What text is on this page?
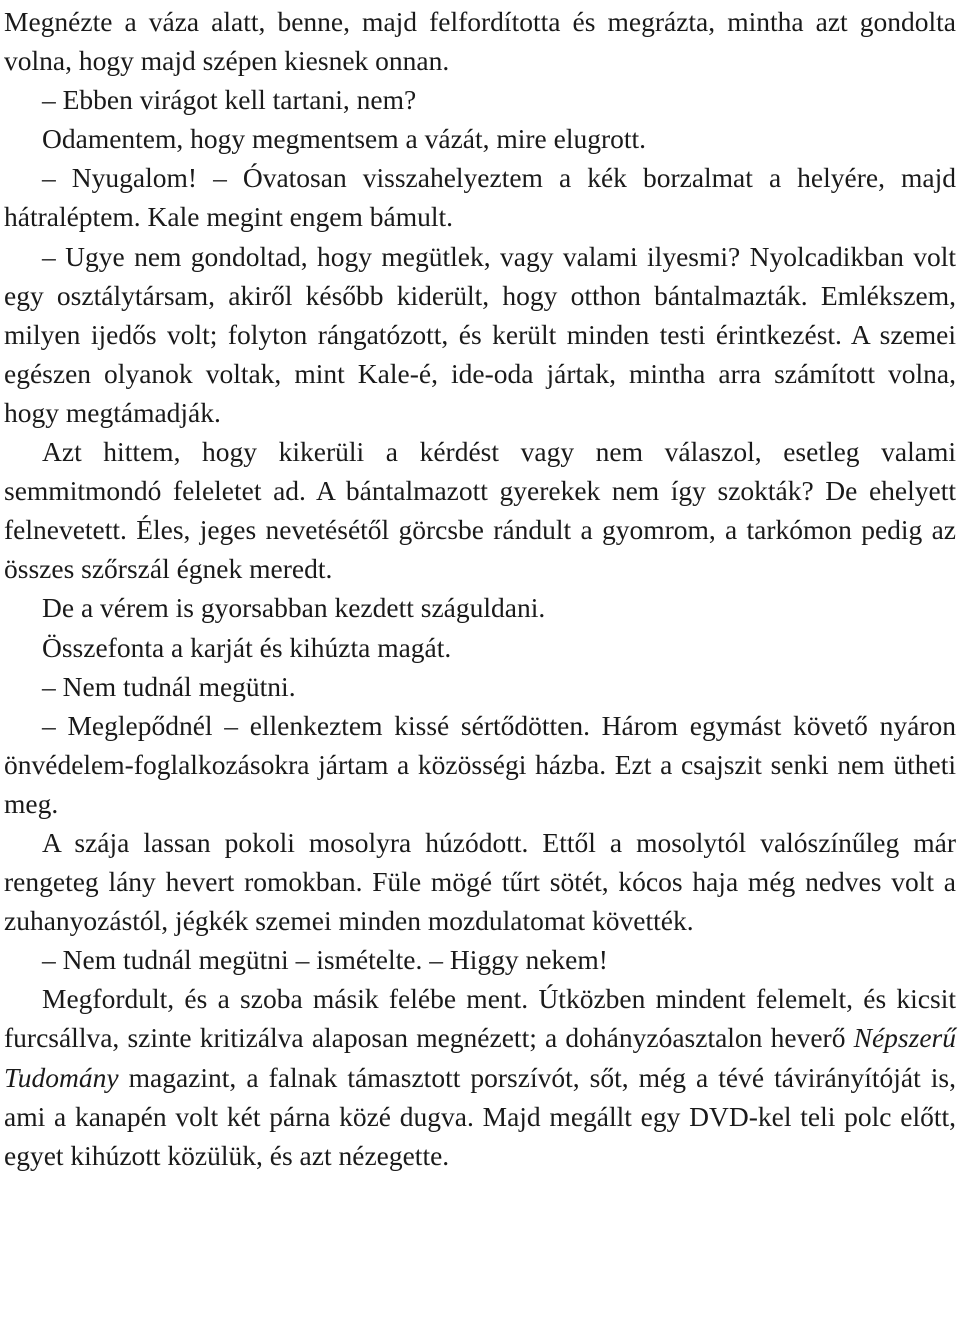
Megnézte a váza alatt, benne, majd felfordította és megrázta, mintha azt gondolta volna, hogy majd szépen kiesnek onnan.

– Ebben virágot kell tartani, nem?

Odamentem, hogy megmentsem a vázát, mire elugrott.

– Nyugalom! – Óvatosan visszahelyeztem a kék borzalmat a helyére, majd hátraléptem. Kale megint engem bámult.

– Ugye nem gondoltad, hogy megütlek, vagy valami ilyesmi? Nyolcadikban volt egy osztálytársam, akiről később kiderült, hogy otthon bántalmazták. Emlékszem, milyen ijedős volt; folyton rángatózott, és került minden testi érintkezést. A szemei egészen olyanok voltak, mint Kale-é, ide-oda jártak, mintha arra számított volna, hogy megtámadják.

Azt hittem, hogy kikerüli a kérdést vagy nem válaszol, esetleg valami semmitmondó feleletet ad. A bántalmazott gyerekek nem így szokták? De ehelyett felnevetett. Éles, jeges nevetésétől görcsbe rándult a gyomrom, a tarkómon pedig az összes szőrszál égnek meredt.

De a vérem is gyorsabban kezdett száguldani.

Összefonta a karját és kihúzta magát.

– Nem tudnál megütni.

– Meglepődnél – ellenkeztem kissé sértődötten. Három egymást követő nyáron önvédelem-foglalkozásokra jártam a közösségi házba. Ezt a csajszit senki nem ütheti meg.

A szája lassan pokoli mosolyra húzódott. Ettől a mosolytól valószínűleg már rengeteg lány hevert romokban. Füle mögé tűrt sötét, kócos haja még nedves volt a zuhanyozástól, jégkék szemei minden mozdulatomat követték.

– Nem tudnál megütni – ismételte. – Higgy nekem!

Megfordult, és a szoba másik felébe ment. Útközben mindent felemelt, és kicsit furcsállva, szinte kritizálva alaposan megnézett; a dohányzóasztalon heverő Népszerű Tudomány magazint, a falnak támasztott porszívót, sőt, még a tévé távirányítóját is, ami a kanapén volt két párna közé dugva. Majd megállt egy DVD-kel teli polc előtt, egyet kihúzott közülük, és azt nézegette.
